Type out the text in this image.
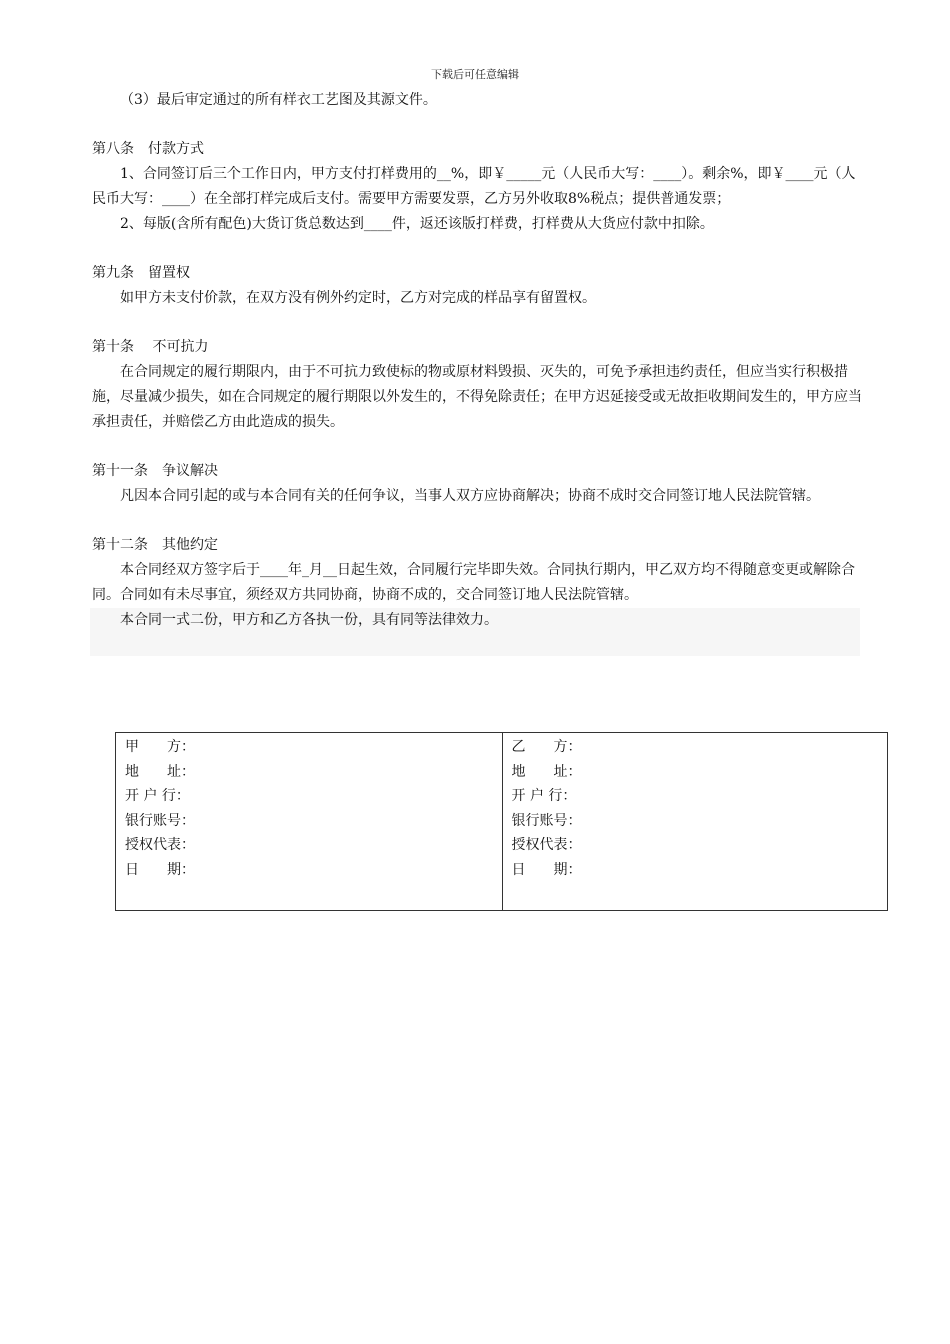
下载后可任意编辑

（3）最后审定通过的所有样衣工艺图及其源文件。

第八条　付款方式

1、合同签订后三个工作日内，甲方支付打样费用的__%，即￥_____元（人民币大写：____）。剩余%，即￥____元（人民币大写：____）在全部打样完成后支付。需要甲方需要发票，乙方另外收取8%税点；提供普通发票；

2、每版(含所有配色)大货订货总数达到____件，返还该版打样费，打样费从大货应付款中扣除。

第九条　留置权

如甲方未支付价款，在双方没有例外约定时，乙方对完成的样品享有留置权。

第十条　 不可抗力

在合同规定的履行期限内，由于不可抗力致使标的物或原材料毁损、灭失的，可免予承担违约责任，但应当实行积极措施，尽量减少损失，如在合同规定的履行期限以外发生的，不得免除责任；在甲方迟延接受或无故拒收期间发生的，甲方应当承担责任，并赔偿乙方由此造成的损失。

第十一条　争议解决

凡因本合同引起的或与本合同有关的任何争议，当事人双方应协商解决；协商不成时交合同签订地人民法院管辖。

第十二条　其他约定

本合同经双方签字后于____年_月__日起生效，合同履行完毕即失效。合同执行期内，甲乙双方均不得随意变更或解除合同。合同如有未尽事宜，须经双方共同协商，协商不成的，交合同签订地人民法院管辖。

本合同一式二份，甲方和乙方各执一份，具有同等法律效力。

甲　　方：
地　　址：
开 户 行：
银行账号：
授权代表：
日　　期：
乙　　方：
地　　址：
开 户 行：
银行账号：
授权代表：
日　　期：
